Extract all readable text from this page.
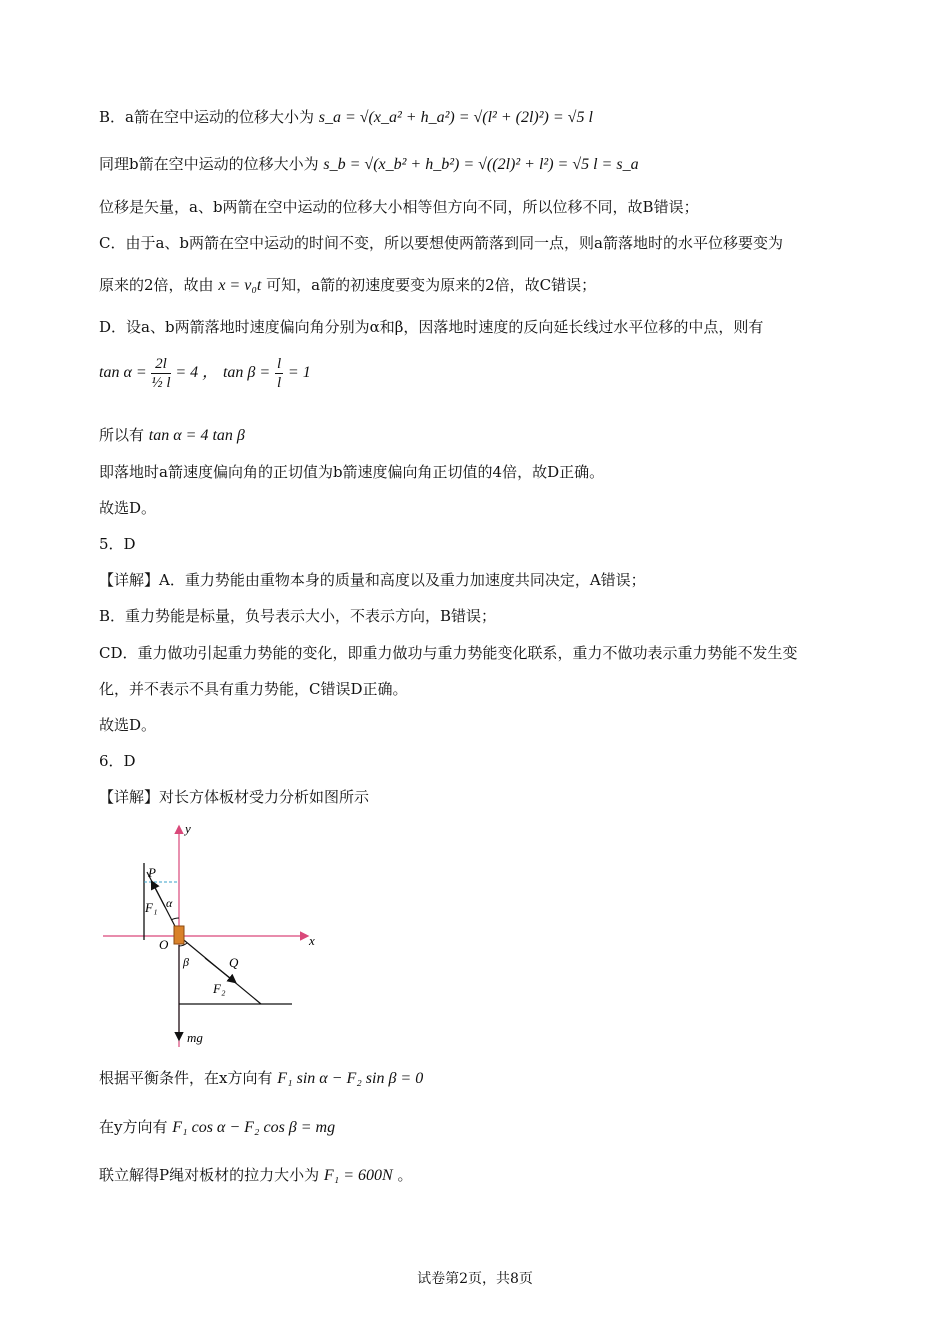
B．a箭在空中运动的位移大小为 s_a = √(x_a² + h_a²) = √(l² + (2l)²) = √5 l
同理b箭在空中运动的位移大小为 s_b = √(x_b² + h_b²) = √((2l)² + l²) = √5 l = s_a
位移是矢量，a、b两箭在空中运动的位移大小相等但方向不同，所以位移不同，故B错误；
C．由于a、b两箭在空中运动的时间不变，所以要想使两箭落到同一点，则a箭落地时的水平位移要变为
原来的2倍，故由 x = v₀t 可知，a箭的初速度要变为原来的2倍，故C错误；
D．设a、b两箭落地时速度偏向角分别为α和β，因落地时速度的反向延长线过水平位移的中点，则有
$\tan \alpha = \frac{2l}{\text{½ l}} = 4$ ， $\tan \beta = \frac{l}{l} = 1$
所以有 tan α = 4 tan β
即落地时a箭速度偏向角的正切值为b箭速度偏向角正切值的4倍，故D正确。
故选D。
5．D
【详解】A．重力势能由重物本身的质量和高度以及重力加速度共同决定，A错误；
B．重力势能是标量，负号表示大小，不表示方向，B错误；
CD．重力做功引起重力势能的变化，即重力做功与重力势能变化联系，重力不做功表示重力势能不发生变
化，并不表示不具有重力势能，C错误D正确。
故选D。
6．D
【详解】对长方体板材受力分析如图所示
y
x
P
F₁ α
O
β	Q
F₂
mg
根据平衡条件，在x方向有 F₁ sin α − F₂ sin β = 0
在y方向有 F₁ cos α − F₂ cos β = mg
联立解得P绳对板材的拉力大小为 F₁ = 600N 。
试卷第2页，共8页
